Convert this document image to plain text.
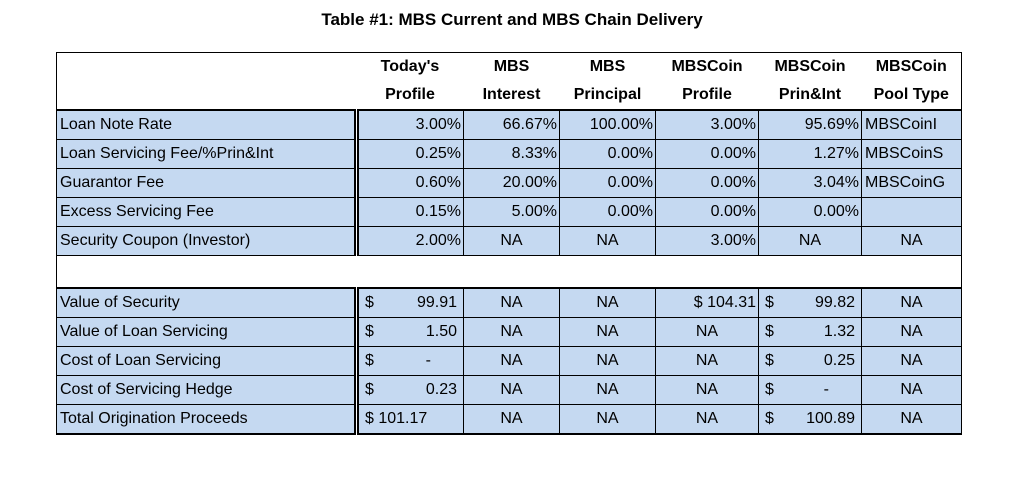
Table #1: MBS Current and MBS Chain Delivery
	Today's	MBS	MBS	MBSCoin	MBSCoin	MBSCoin
	Profile	Interest	Principal	Profile	Prin&Int	Pool Type
Loan Note Rate	3.00%	66.67%	100.00%	3.00%	95.69%	MBSCoinI
Loan Servicing Fee/%Prin&Int	0.25%	8.33%	0.00%	0.00%	1.27%	MBSCoinS
Guarantor Fee	0.60%	20.00%	0.00%	0.00%	3.04%	MBSCoinG
Excess Servicing Fee	0.15%	5.00%	0.00%	0.00%	0.00%	
Security Coupon (Investor)	2.00%	NA	NA	3.00%	NA	NA

Value of Security	$ 99.91	NA	NA	$ 104.31	$ 99.82	NA
Value of Loan Servicing	$ 1.50	NA	NA	NA	$ 1.32	NA
Cost of Loan Servicing	$ -	NA	NA	NA	$ 0.25	NA
Cost of Servicing Hedge	$ 0.23	NA	NA	NA	$ -	NA
Total Origination Proceeds	$ 101.17	NA	NA	NA	$ 100.89	NA
